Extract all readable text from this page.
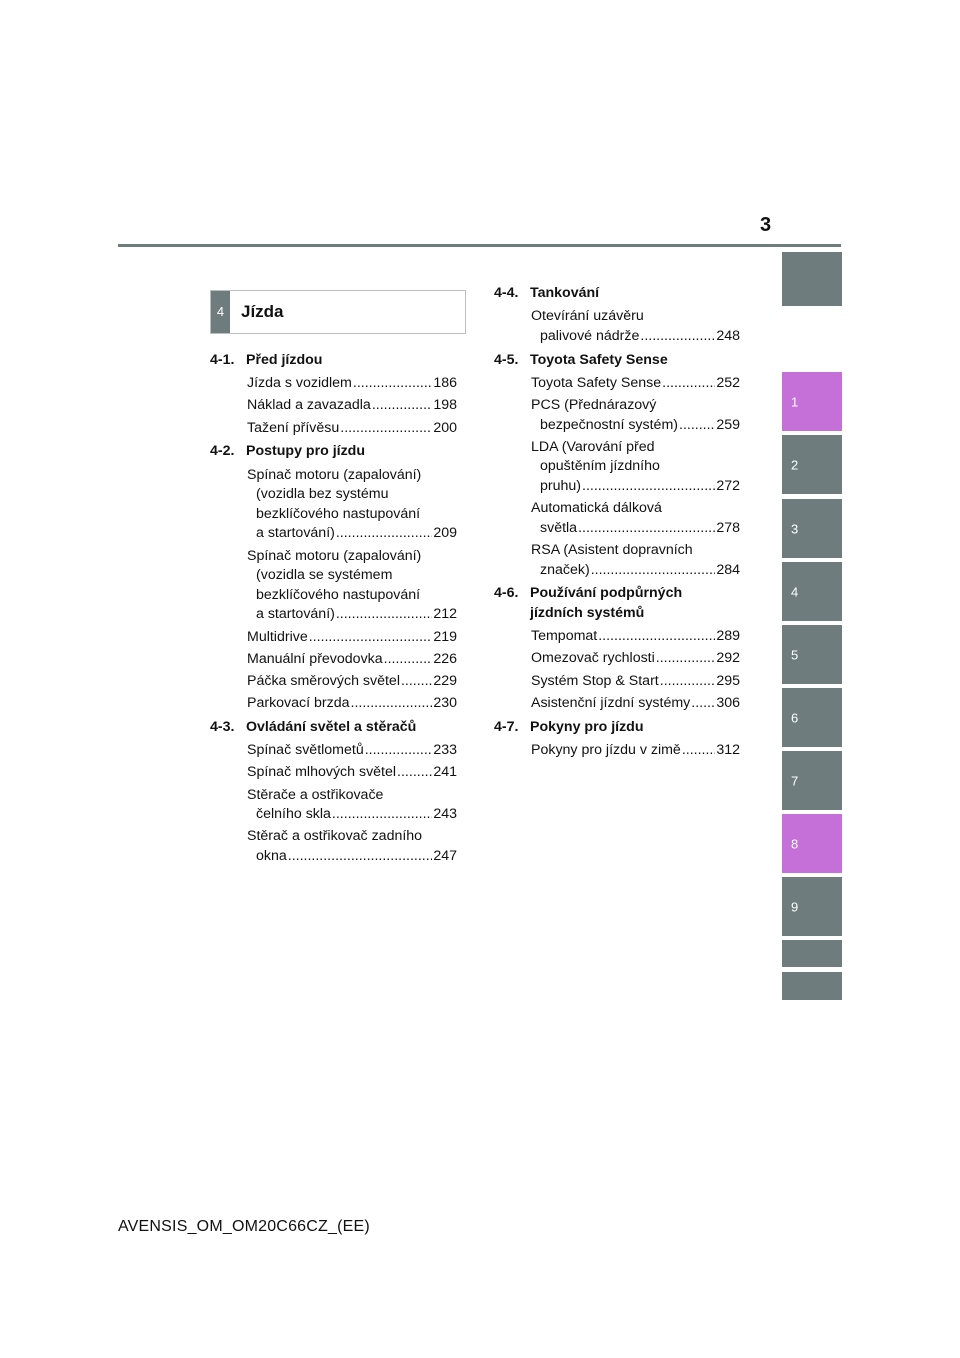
3
1
2
3
4
5
6
7
8
9
4 Jízda
4-1. Před jízdou
Jízda s vozidlem .....	186
Náklad a zavazadla .....	198
Tažení přívěsu .....	200
4-2. Postupy pro jízdu
Spínač motoru (zapalování)
(vozidla bez systému
bezklíčového nastupování
a startování) .....	209
Spínač motoru (zapalování)
(vozidla se systémem
bezklíčového nastupování
a startování) .....	212
Multidrive .....	219
Manuální převodovka .....	226
Páčka směrových světel ..... 229
Parkovací brzda .....	230
4-3. Ovládání světel a stěračů
Spínač světlometů .....	233
Spínač mlhových světel .....	241
Stěrače a ostřikovače
čelního skla .....	243
Stěrač a ostřikovač zadního
okna .....	247
4-4. Tankování
Otevírání uzávěru
palivové nádrže .....	248
4-5. Toyota Safety Sense
Toyota Safety Sense .....	252
PCS (Přednárazový
bezpečnostní systém) .....	259
LDA (Varování před
opuštěním jízdního
pruhu) .....	272
Automatická dálková
světla .....	278
RSA (Asistent dopravních
značek) .....	284
4-6. Používání podpůrných
jízdních systémů
Tempomat .....	289
Omezovač rychlosti .....	292
Systém Stop & Start .....	295
Asistenční jízdní systémy ..... 306
4-7. Pokyny pro jízdu
Pokyny pro jízdu v zimě .....	312
AVENSIS_OM_OM20C66CZ_(EE)
